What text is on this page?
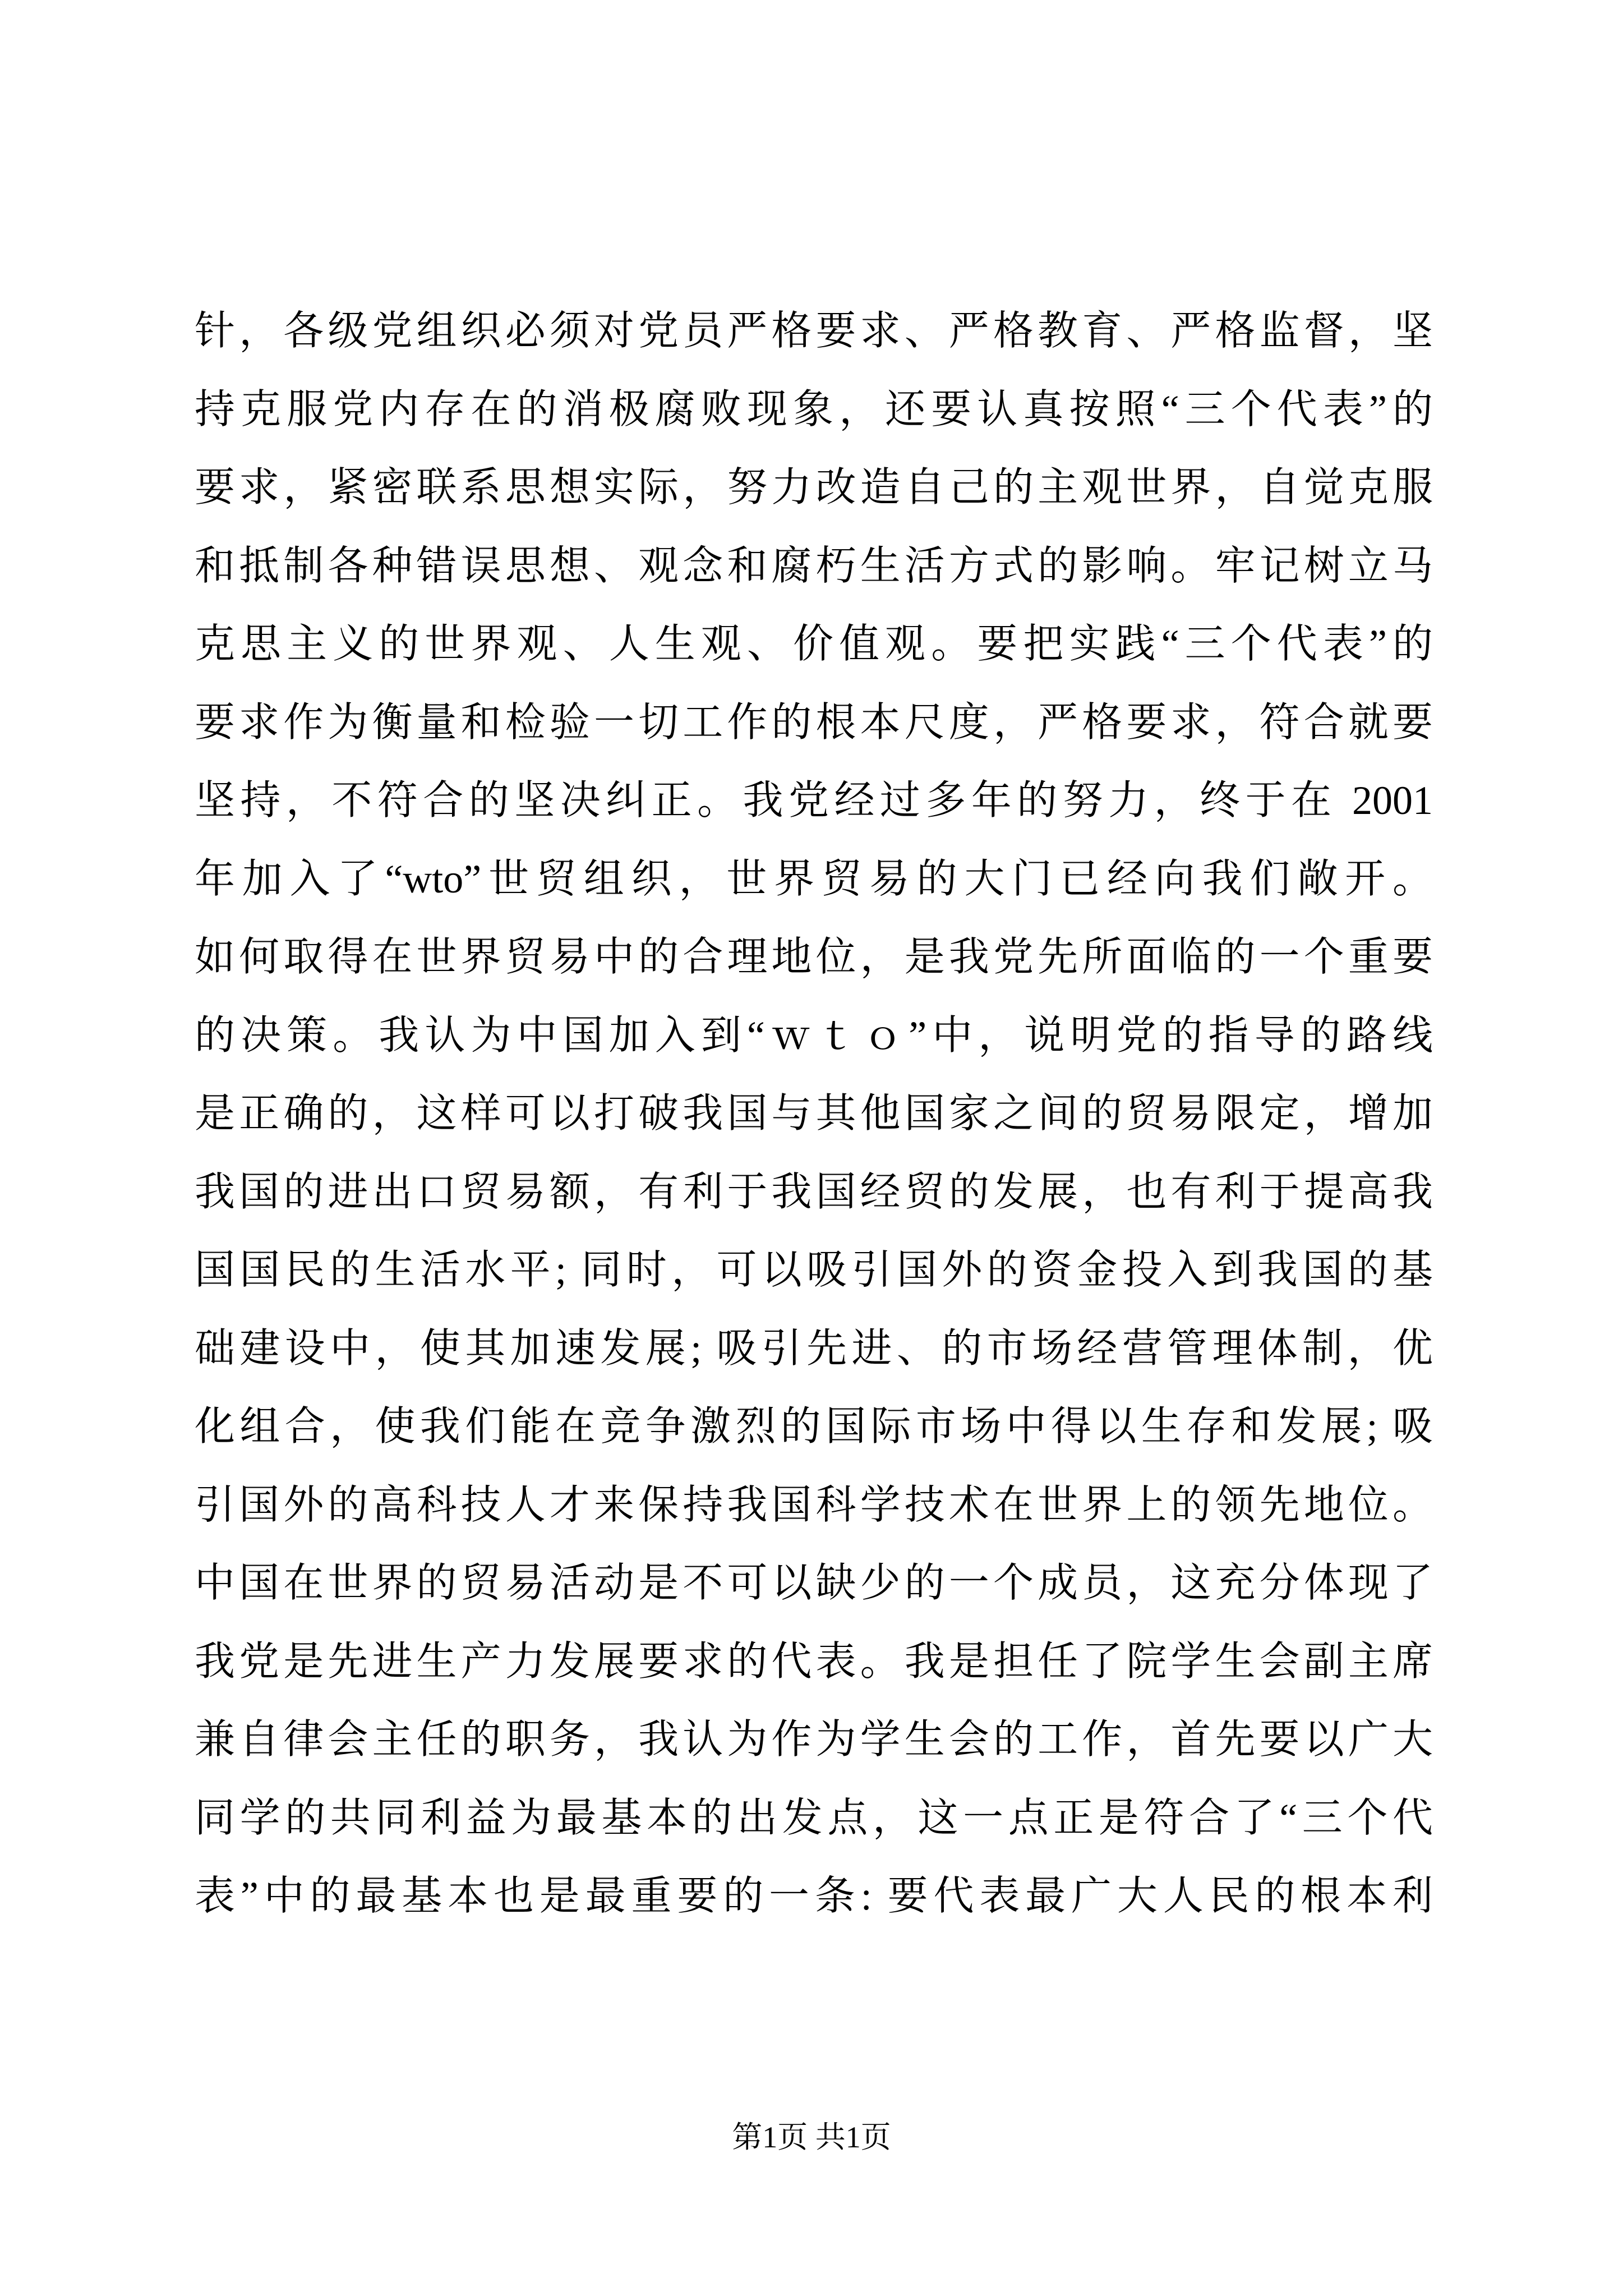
针，各级党组织必须对党员严格要求、严格教育、严格监督，坚
持克服党内存在的消极腐败现象，还要认真按照“三个代表”的
要求，紧密联系思想实际，努力改造自己的主观世界，自觉克服
和抵制各种错误思想、观念和腐朽生活方式的影响。牢记树立马
克思主义的世界观、人生观、价值观。要把实践“三个代表”的
要求作为衡量和检验一切工作的根本尺度，严格要求，符合就要
坚持，不符合的坚决纠正。我党经过多年的努力，终于在 2001
年加入了“wto”世贸组织，世界贸易的大门已经向我们敞开。
如何取得在世界贸易中的合理地位，是我党先所面临的一个重要
的决策。我认为中国加入到“ｗｔｏ”中，说明党的指导的路线
是正确的，这样可以打破我国与其他国家之间的贸易限定，增加
我国的进出口贸易额，有利于我国经贸的发展，也有利于提高我
国国民的生活水平; 同时，可以吸引国外的资金投入到我国的基
础建设中，使其加速发展; 吸引先进、的市场经营管理体制，优
化组合，使我们能在竞争激烈的国际市场中得以生存和发展; 吸
引国外的高科技人才来保持我国科学技术在世界上的领先地位。
中国在世界的贸易活动是不可以缺少的一个成员，这充分体现了
我党是先进生产力发展要求的代表。我是担任了院学生会副主席
兼自律会主任的职务，我认为作为学生会的工作，首先要以广大
同学的共同利益为最基本的出发点，这一点正是符合了“三个代
表”中的最基本也是最重要的一条: 要代表最广大人民的根本利
第1页 共1页
